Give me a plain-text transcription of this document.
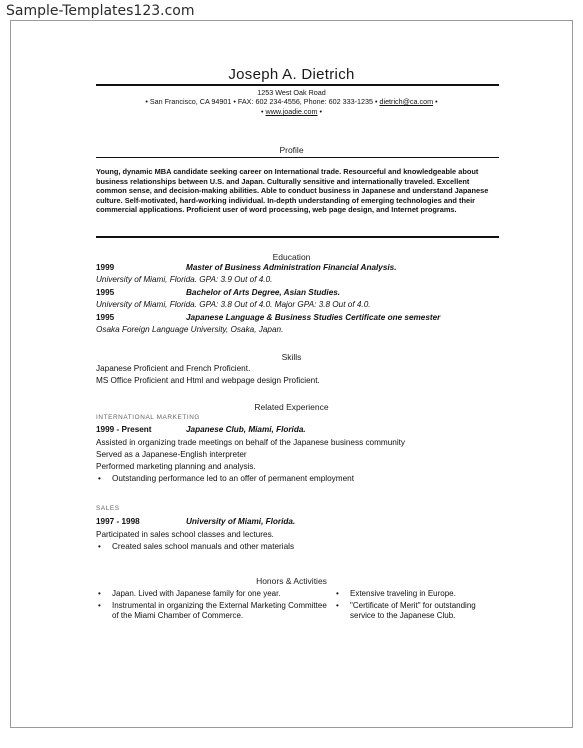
Sample-Templates123.com
Joseph A. Dietrich
1253 West Oak Road
• San Francisco, CA 94901 • FAX: 602 234-4556, Phone: 602 333-1235 • dietrich@ca.com •
• www.joadie.com •
Profile
Young, dynamic MBA candidate seeking career on International trade. Resourceful and knowledgeable about business relationships between U.S. and Japan. Culturally sensitive and internationally traveled. Excellent common sense, and decision-making abilities. Able to conduct business in Japanese and understand Japanese culture. Self-motivated, hard-working individual. In-depth understanding of emerging technologies and their commercial applications. Proficient user of word processing, web page design, and Internet programs.
Education
1999	Master of Business Administration Financial Analysis.
University of Miami, Florida. GPA: 3.9 Out of 4.0.
1995	Bachelor of Arts Degree, Asian Studies.
University of Miami, Florida. GPA: 3.8 Out of 4.0. Major GPA: 3.8 Out of 4.0.
1995	Japanese Language & Business Studies Certificate one semester
Osaka Foreign Language University, Osaka, Japan.
Skills
Japanese Proficient and French Proficient.
MS Office Proficient and Html and webpage design Proficient.
Related Experience
INTERNATIONAL MARKETING
1999 - Present	Japanese Club, Miami, Florida.
Assisted in organizing trade meetings on behalf of the Japanese business community
Served as a Japanese-English interpreter
Performed marketing planning and analysis.
• Outstanding performance led to an offer of permanent employment
SALES
1997 - 1998	University of Miami, Florida.
Participated in sales school classes and lectures.
• Created sales school manuals and other materials
Honors & Activities
• Japan. Lived with Japanese family for one year.
• Instrumental in organizing the External Marketing Committee of the Miami Chamber of Commerce.
• Extensive traveling in Europe.
• "Certificate of Merit" for outstanding service to the Japanese Club.
